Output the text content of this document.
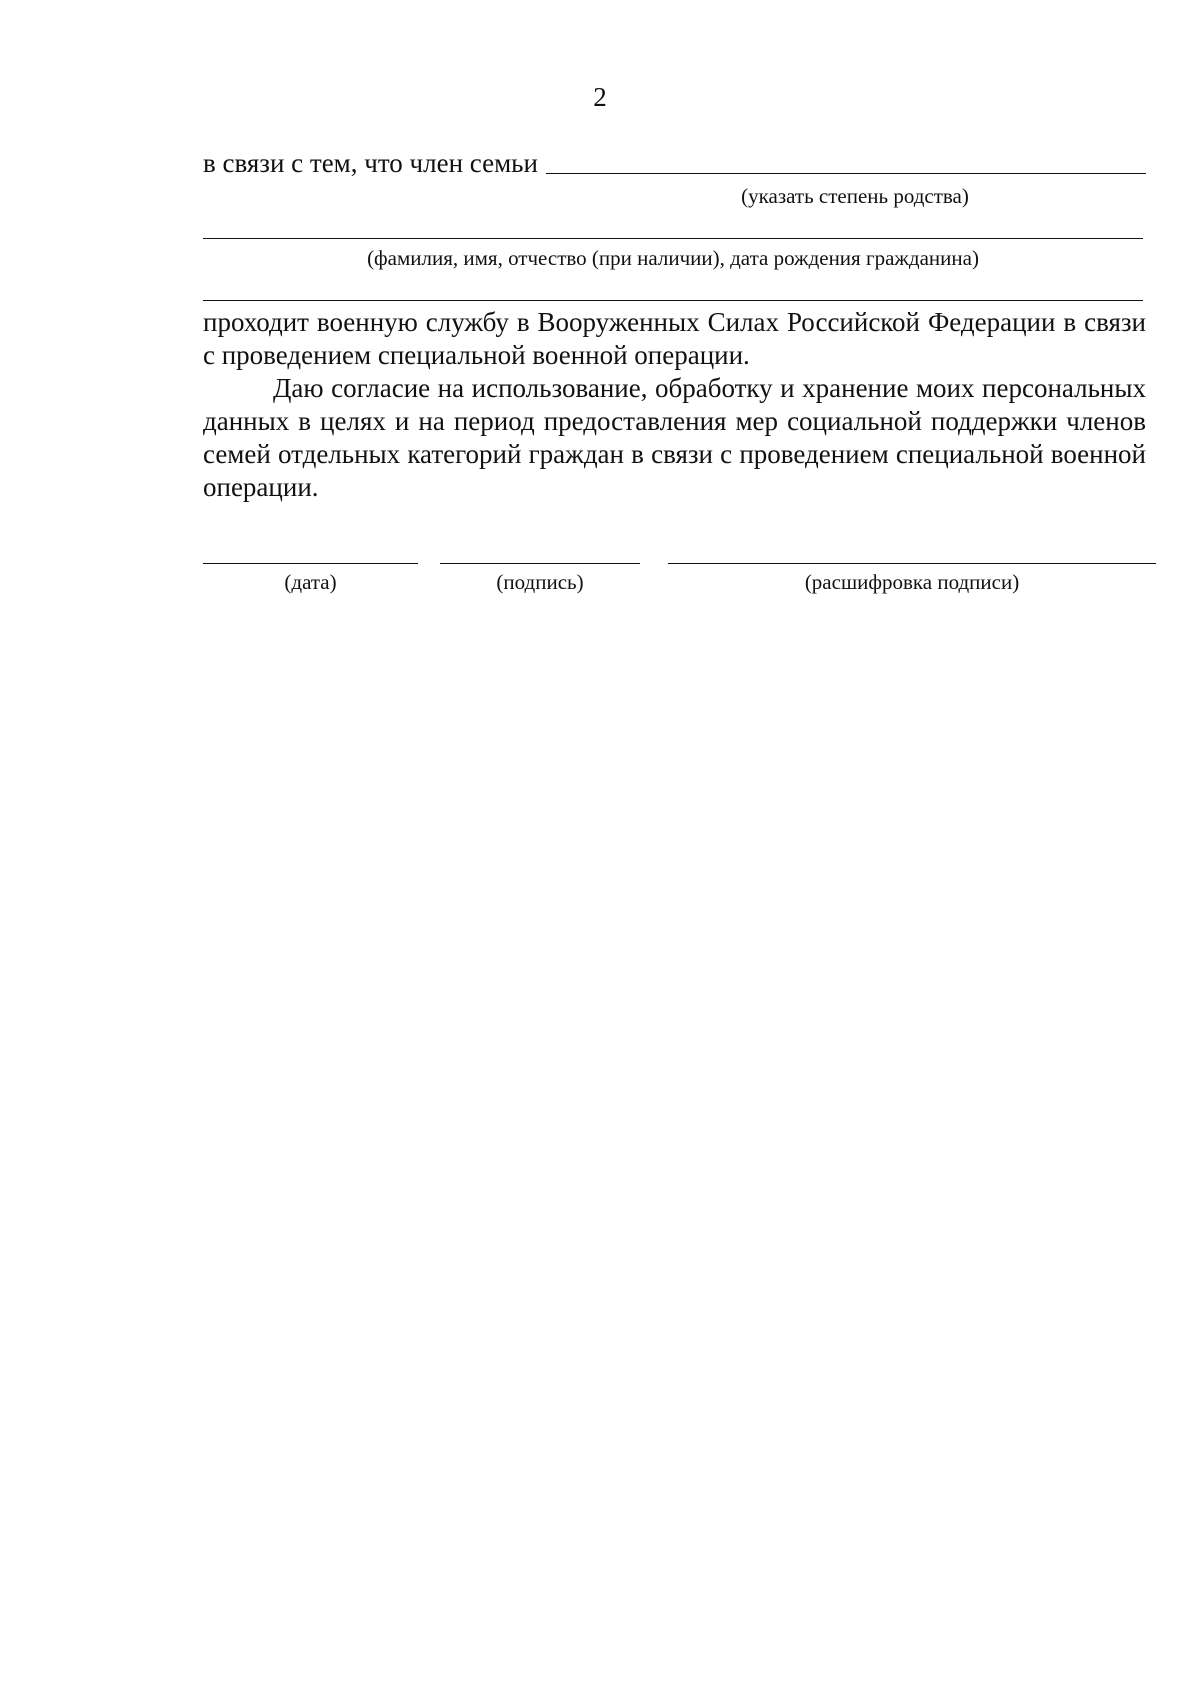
2
в связи с тем, что член семьи
(указать степень родства)
(фамилия, имя, отчество (при наличии), дата рождения гражданина)
проходит военную службу в Вооруженных Силах Российской Федерации в связи с проведением специальной военной операции.
Даю согласие на использование, обработку и хранение моих персональных данных в целях и на период предоставления мер социальной поддержки членов семей отдельных категорий граждан в связи с проведением специальной военной операции.
(дата)	(подпись)	(расшифровка подписи)
